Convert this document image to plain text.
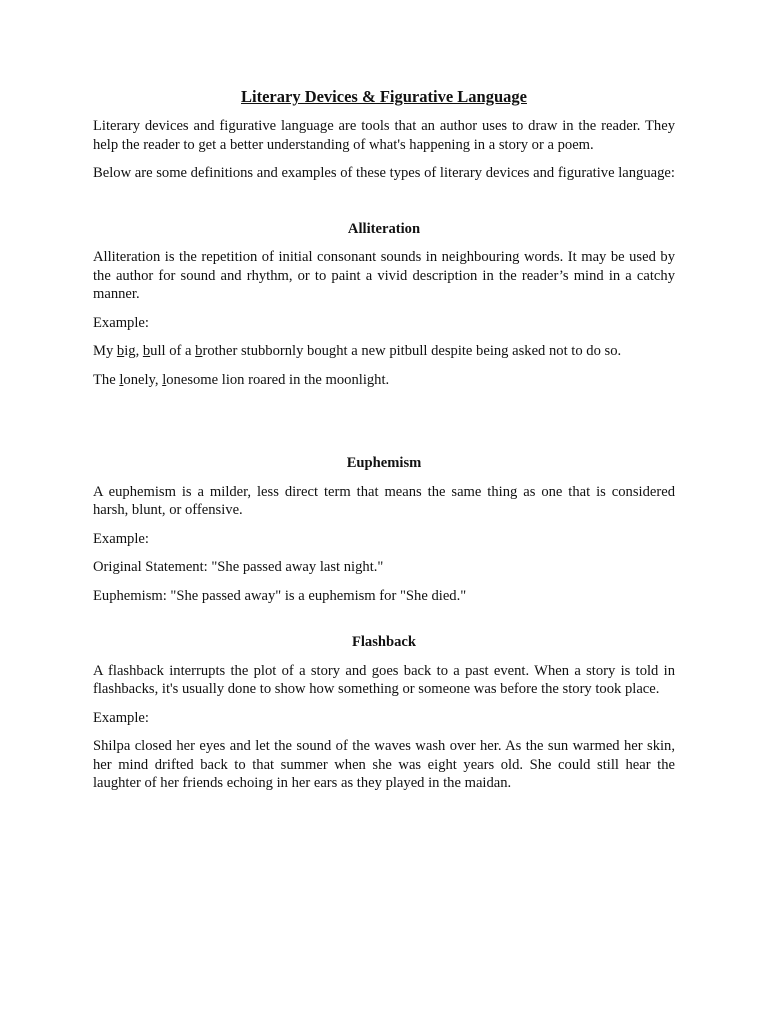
Literary Devices & Figurative Language

Literary devices and figurative language are tools that an author uses to draw in the reader. They help the reader to get a better understanding of what's happening in a story or a poem.

Below are some definitions and examples of these types of literary devices and figurative language:

Alliteration

Alliteration is the repetition of initial consonant sounds in neighbouring words. It may be used by the author for sound and rhythm, or to paint a vivid description in the reader’s mind in a catchy manner.

Example:

My big, bull of a brother stubbornly bought a new pitbull despite being asked not to do so.

The lonely, lonesome lion roared in the moonlight.

Euphemism

A euphemism is a milder, less direct term that means the same thing as one that is considered harsh, blunt, or offensive.

Example:

Original Statement: "She passed away last night."

Euphemism: "She passed away" is a euphemism for "She died."

Flashback

A flashback interrupts the plot of a story and goes back to a past event. When a story is told in flashbacks, it's usually done to show how something or someone was before the story took place.

Example:

Shilpa closed her eyes and let the sound of the waves wash over her. As the sun warmed her skin, her mind drifted back to that summer when she was eight years old. She could still hear the laughter of her friends echoing in her ears as they played in the maidan.
